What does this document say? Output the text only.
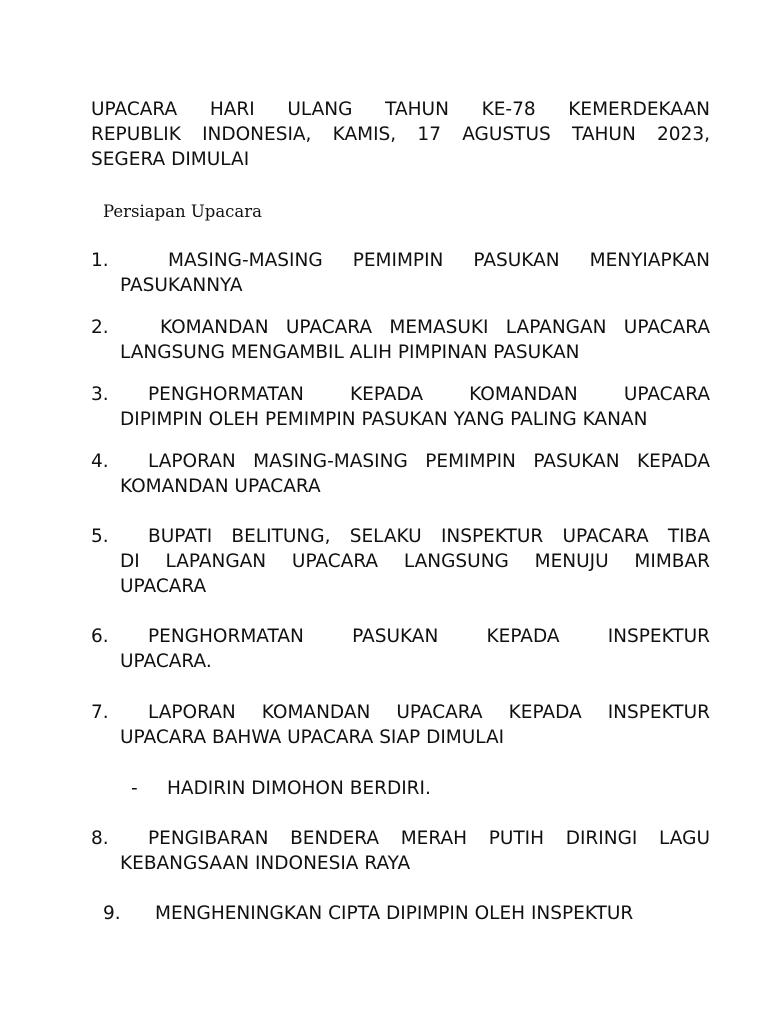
UPACARA HARI ULANG TAHUN KE-78 KEMERDEKAAN
REPUBLIK INDONESIA, KAMIS, 17 AGUSTUS TAHUN 2023,
SEGERA DIMULAI
Persiapan Upacara
1.	MASING-MASING PEMIMPIN PASUKAN MENYIAPKAN
PASUKANNYA
2.	KOMANDAN UPACARA MEMASUKI LAPANGAN UPACARA
LANGSUNG MENGAMBIL ALIH PIMPINAN PASUKAN
3. PENGHORMATAN KEPADA KOMANDAN UPACARA
DIPIMPIN OLEH PEMIMPIN PASUKAN YANG PALING KANAN
4. LAPORAN MASING-MASING PEMIMPIN PASUKAN KEPADA
KOMANDAN UPACARA
5. BUPATI BELITUNG, SELAKU INSPEKTUR UPACARA TIBA
DI LAPANGAN UPACARA LANGSUNG MENUJU MIMBAR
UPACARA
6. PENGHORMATAN PASUKAN KEPADA INSPEKTUR
UPACARA.
7. LAPORAN KOMANDAN UPACARA KEPADA INSPEKTUR
UPACARA BAHWA UPACARA SIAP DIMULAI
- HADIRIN DIMOHON BERDIRI.
8. PENGIBARAN BENDERA MERAH PUTIH DIRINGI LAGU
KEBANGSAAN INDONESIA RAYA
9. MENGHENINGKAN CIPTA DIPIMPIN OLEH INSPEKTUR
